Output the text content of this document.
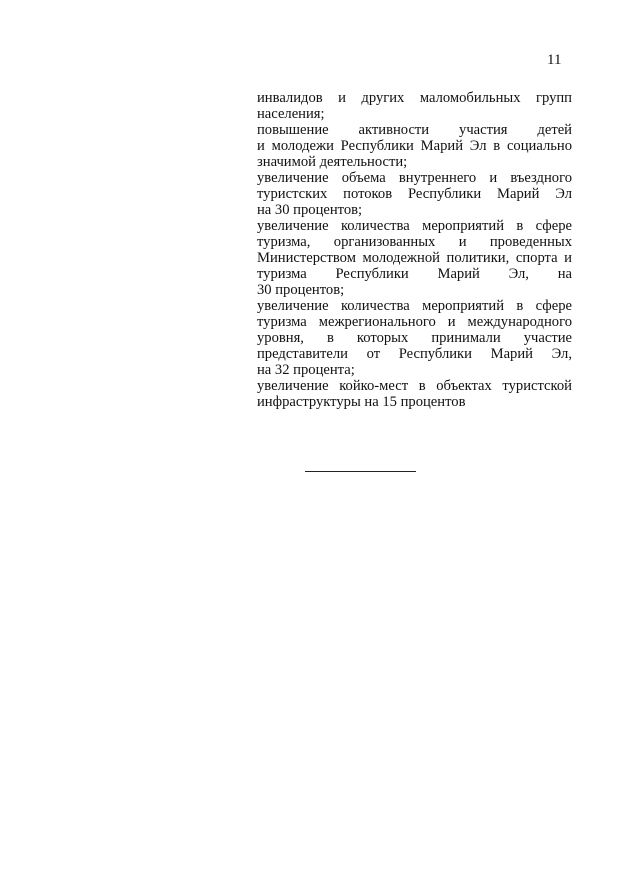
11
инвалидов и других маломобильных групп
населения;
повышение активности участия детей
и молодежи Республики Марий Эл в социально
значимой деятельности;
увеличение объема внутреннего и въездного
туристских потоков Республики Марий Эл
на 30 процентов;
увеличение количества мероприятий в сфере
туризма, организованных и проведенных
Министерством молодежной политики, спорта и
туризма Республики Марий Эл, на
30 процентов;
увеличение количества мероприятий в сфере
туризма межрегионального и международного
уровня, в которых принимали участие
представители от Республики Марий Эл,
на 32 процента;
увеличение койко-мест в объектах туристской
инфраструктуры на 15 процентов
